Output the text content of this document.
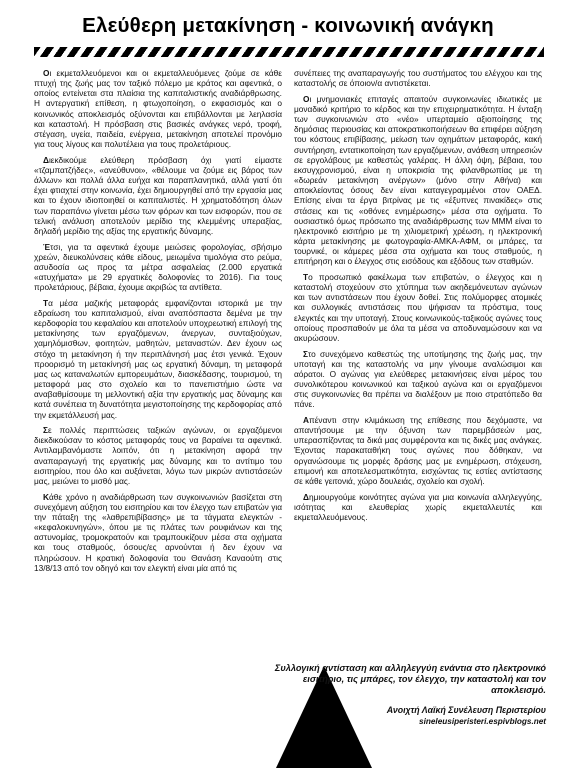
Ελεύθερη μετακίνηση - κοινωνική ανάγκη

Οι εκμεταλλευόμενοι και οι εκμεταλλευόμενες ζούμε σε κάθε πτυχή της ζωής μας τον ταξικό πόλεμο με κράτος και αφεντικά, ο οποίος εντείνεται στα πλαίσια της καπιταλιστικής αναδιάρθρωσης. Η αντεργατική επίθεση, η φτωχοποίηση, ο εκφασισμός και ο κοινωνικός αποκλεισμός οξύνονται και επιβάλλονται με λεηλασία και καταστολή. Η πρόσβαση στις βασικές ανάγκες νερό, τροφή, στέγαση, υγεία, παιδεία, ενέργεια, μετακίνηση αποτελεί προνόμιο για τους λίγους και πολυτέλεια για τους προλετάριους.

Διεκδικούμε ελεύθερη πρόσβαση όχι γιατί είμαστε «τζαμπατζήδες», «ανεύθυνοι», «θέλουμε να ζούμε εις βάρος των άλλων» και πολλά άλλα ευήχα και παραπλανητικά, αλλά γιατί ότι έχει φτιαχτεί στην κοινωνία, έχει δημιουργηθεί από την εργασία μας και το έχουν ιδιοποιηθεί οι καπιταλιστές. Η χρηματοδότηση όλων των παραπάνω γίνεται μέσω των φόρων και των εισφορών, που σε τελική ανάλυση αποτελούν μερίδιο της κλεμμένης υπεραξίας, δηλαδή μερίδιο της αξίας της εργατικής δύναμης.

Έτσι, για τα αφεντικά έχουμε μειώσεις φορολογίας, σβήσιμο χρεών, διευκολύνσεις κάθε είδους, μειωμένα τιμολόγια στο ρεύμα, ασυδοσία ως προς τα μέτρα ασφαλείας (2.000 εργατικά «ατυχήματα» με 29 εργατικές δολοφονίες το 2016). Για τους προλετάριους, βέβαια, έχουμε ακριβώς τα αντίθετα.

Τα μέσα μαζικής μεταφοράς εμφανίζονται ιστορικά με την εδραίωση του καπιταλισμού, είναι αναπόσπαστα δεμένα με την κερδοφορία του κεφαλαίου και αποτελούν υποχρεωτική επιλογή της μετακίνησης των εργαζόμενων, άνεργων, συνταξιούχων, χαμηλόμισθων, φοιτητών, μαθητών, μεταναστών. Δεν έχουν ως στόχο τη μετακίνηση ή την περιπλάνησή μας έτσι γενικά. Έχουν προορισμό τη μετακίνησή μας ως εργατική δύναμη, τη μεταφορά μας ως καταναλωτών εμπορευμάτων, διασκέδασης, τουρισμού, τη μεταφορά μας στο σχολείο και το πανεπιστήμιο ώστε να αναβαθμίσουμε τη μελλοντική αξία την εργατικής μας δύναμης και κατά συνέπεια τη δυνατότητα μεγιστοποίησης της κερδοφορίας από την εκμετάλλευσή μας.

Σε πολλές περιπτώσεις ταξικών αγώνων, οι εργαζόμενοι διεκδικούσαν το κόστος μεταφοράς τους να βαραίνει τα αφεντικά. Αντιλαμβανόμαστε λοιπόν, ότι η μετακίνηση αφορά την αναπαραγωγή της εργατικής μας δύναμης και το αντίτιμο του εισιτηρίου, που όλο και αυξάνεται, λόγω των μικρών αντιστάσεών μας, μειώνει το μισθό μας.

Κάθε χρόνο η αναδιάρθρωση των συγκοινωνιών βασίζεται στη συνεχόμενη αύξηση του εισιτηρίου και τον έλεγχο των επιβατών για την πάταξη της «λαθρεπιβίβασης» με τα τάγματα ελεγκτών - «κεφαλοκυνηγών», όπου με τις πλάτες των ρουφιάνων και της αστυνομίας, τρομοκρατούν και τραμπουκίζουν μέσα στα οχήματα και τους σταθμούς, όσους/ες αρνούνται ή δεν έχουν να πληρώσουν. Η κρατική δολοφονία του Θανάση Καναούτη στις 13/8/13 από τον οδηγό και τον ελεγκτή είναι μία από τις

συνέπειες της αναπαραγωγής του συστήματος του ελέγχου και της καταστολής σε όποιον/α αντιστέκεται.

Οι μνημονιακές επιταγές απαιτούν συγκοινωνίες ιδιωτικές με μοναδικό κριτήριο το κέρδος και την επιχειρηματικότητα. Η ένταξη των συγκοινωνιών στο «νέο» υπερταμείο αξιοποίησης της δημόσιας περιουσίας και αποκρατικοποιήσεων θα επιφέρει αύξηση του κόστους επιβίβασης, μείωση των οχημάτων μεταφοράς, κακή συντήρηση, εντατικοποίηση των εργαζόμενων, ανάθεση υπηρεσιών σε εργολάβους με καθεστώς γαλέρας. Η άλλη όψη, βέβαια, του εκσυγχρονισμού, είναι η υποκρισία της φιλανθρωπίας με τη «δωρεάν μετακίνηση ανέργων» (μόνο στην Αθήνα) και αποκλείοντας όσους δεν είναι καταγεγραμμένοι στον ΟΑΕΔ. Επίσης είναι τα έργα βιτρίνας με τις «έξυπνες πινακίδες» στις στάσεις και τις «οθόνες ενημέρωσης» μέσα στα οχήματα. Το ουσιαστικό όμως πρόσωπο της αναδιάρθρωσης των ΜΜΜ είναι το ηλεκτρονικό εισιτήριο με τη χιλιομετρική χρέωση, η ηλεκτρονική κάρτα μετακίνησης με φωτογραφία-ΑΜΚΑ-ΑΦΜ, οι μπάρες, τα τουρνικέ, οι κάμερες μέσα στα οχήματα και τους σταθμούς, η επιτήρηση και ο έλεγχος στις εισόδους και εξόδους των σταθμών.

Το προσωπικό φακέλωμα των επιβατών, ο έλεγχος και η καταστολή στοχεύουν στο χτύπημα των ακηδεμόνευτων αγώνων και των αντιστάσεων που έχουν δοθεί. Στις πολύμορφες ατομικές και συλλογικές αντιστάσεις που ψήφισαν τα πρόστιμα, τους ελεγκτές και την υποταγή. Στους κοινωνικούς-ταξικούς αγώνες τους οποίους προσπαθούν με όλα τα μέσα να αποδυναμώσουν και να ακυρώσουν.

Στο συνεχόμενο καθεστώς της υποτίμησης της ζωής μας, την υποταγή και της καταστολής να μην γίνουμε αναλώσιμοι και αόρατοι. Ο αγώνας για ελεύθερες μετακινήσεις είναι μέρος του συνολικότερου κοινωνικού και ταξικού αγώνα και οι εργαζόμενοι στις συγκοινωνίες θα πρέπει να διαλέξουν με ποιο στρατόπεδο θα πάνε.

Απέναντι στην κλιμάκωση της επίθεσης που δεχόμαστε, να απαντήσουμε με την όξυνση των παρεμβάσεών μας, υπερασπίζοντας τα δικά μας συμφέροντα και τις δικές μας ανάγκες. Έχοντας παρακαταθήκη τους αγώνες που δόθηκαν, να οργανώσουμε τις μορφές δράσης μας με ενημέρωση, στόχευση, επιμονή και αποτελεσματικότητα, εισχώντας τις εστίες αντίστασης σε κάθε γειτονιά, χώρο δουλειάς, σχολείο και σχολή.

Δημιουργούμε κοινότητες αγώνα για μια κοινωνία αλληλεγγύης, ισότητας και ελευθερίας χωρίς εκμεταλλευτές και εκμεταλλευόμενους.

Συλλογική αντίσταση και αλληλεγγύη ενάντια στο ηλεκτρονικό εισιτήριο, τις μπάρες, τον έλεγχο, την καταστολή και τον αποκλεισμό.
Ανοιχτή Λαϊκή Συνέλευση Περιστερίου
sineleusiperisteri.espivblogs.net
